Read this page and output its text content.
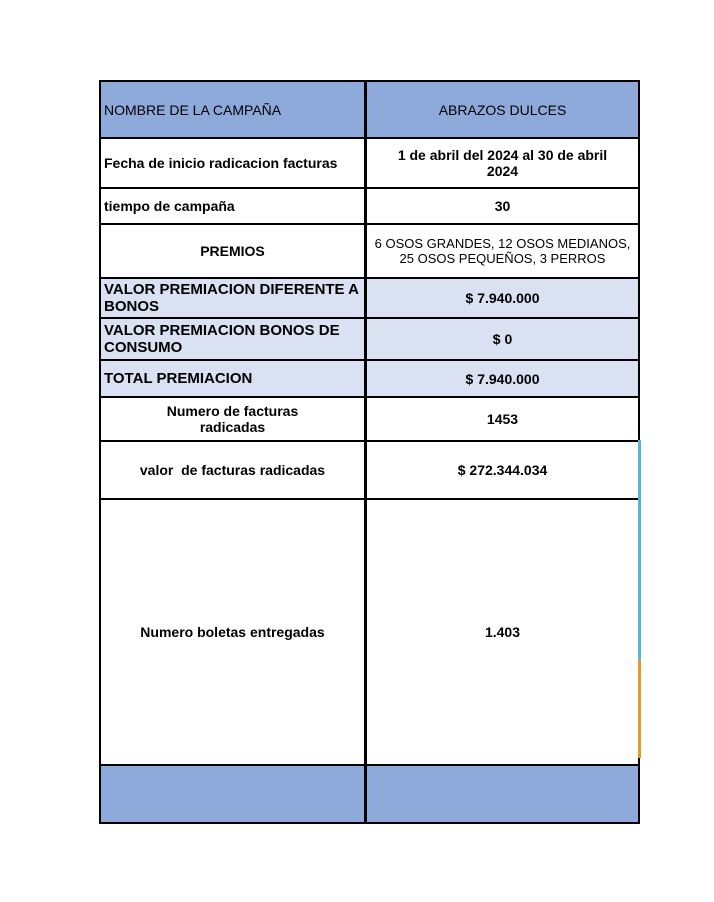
NOMBRE DE LA CAMPAÑA	ABRAZOS DULCES
Fecha de inicio radicacion facturas	1 de abril del 2024 al 30 de abril 2024
tiempo de campaña	30
PREMIOS	6 OSOS GRANDES, 12 OSOS MEDIANOS, 25 OSOS PEQUEÑOS, 3 PERROS
VALOR PREMIACION DIFERENTE A BONOS	$ 7.940.000
VALOR PREMIACION BONOS DE CONSUMO	$ 0
TOTAL PREMIACION	$ 7.940.000
Numero de facturas radicadas	1453
valor  de facturas radicadas	$ 272.344.034
Numero boletas entregadas	1.403
